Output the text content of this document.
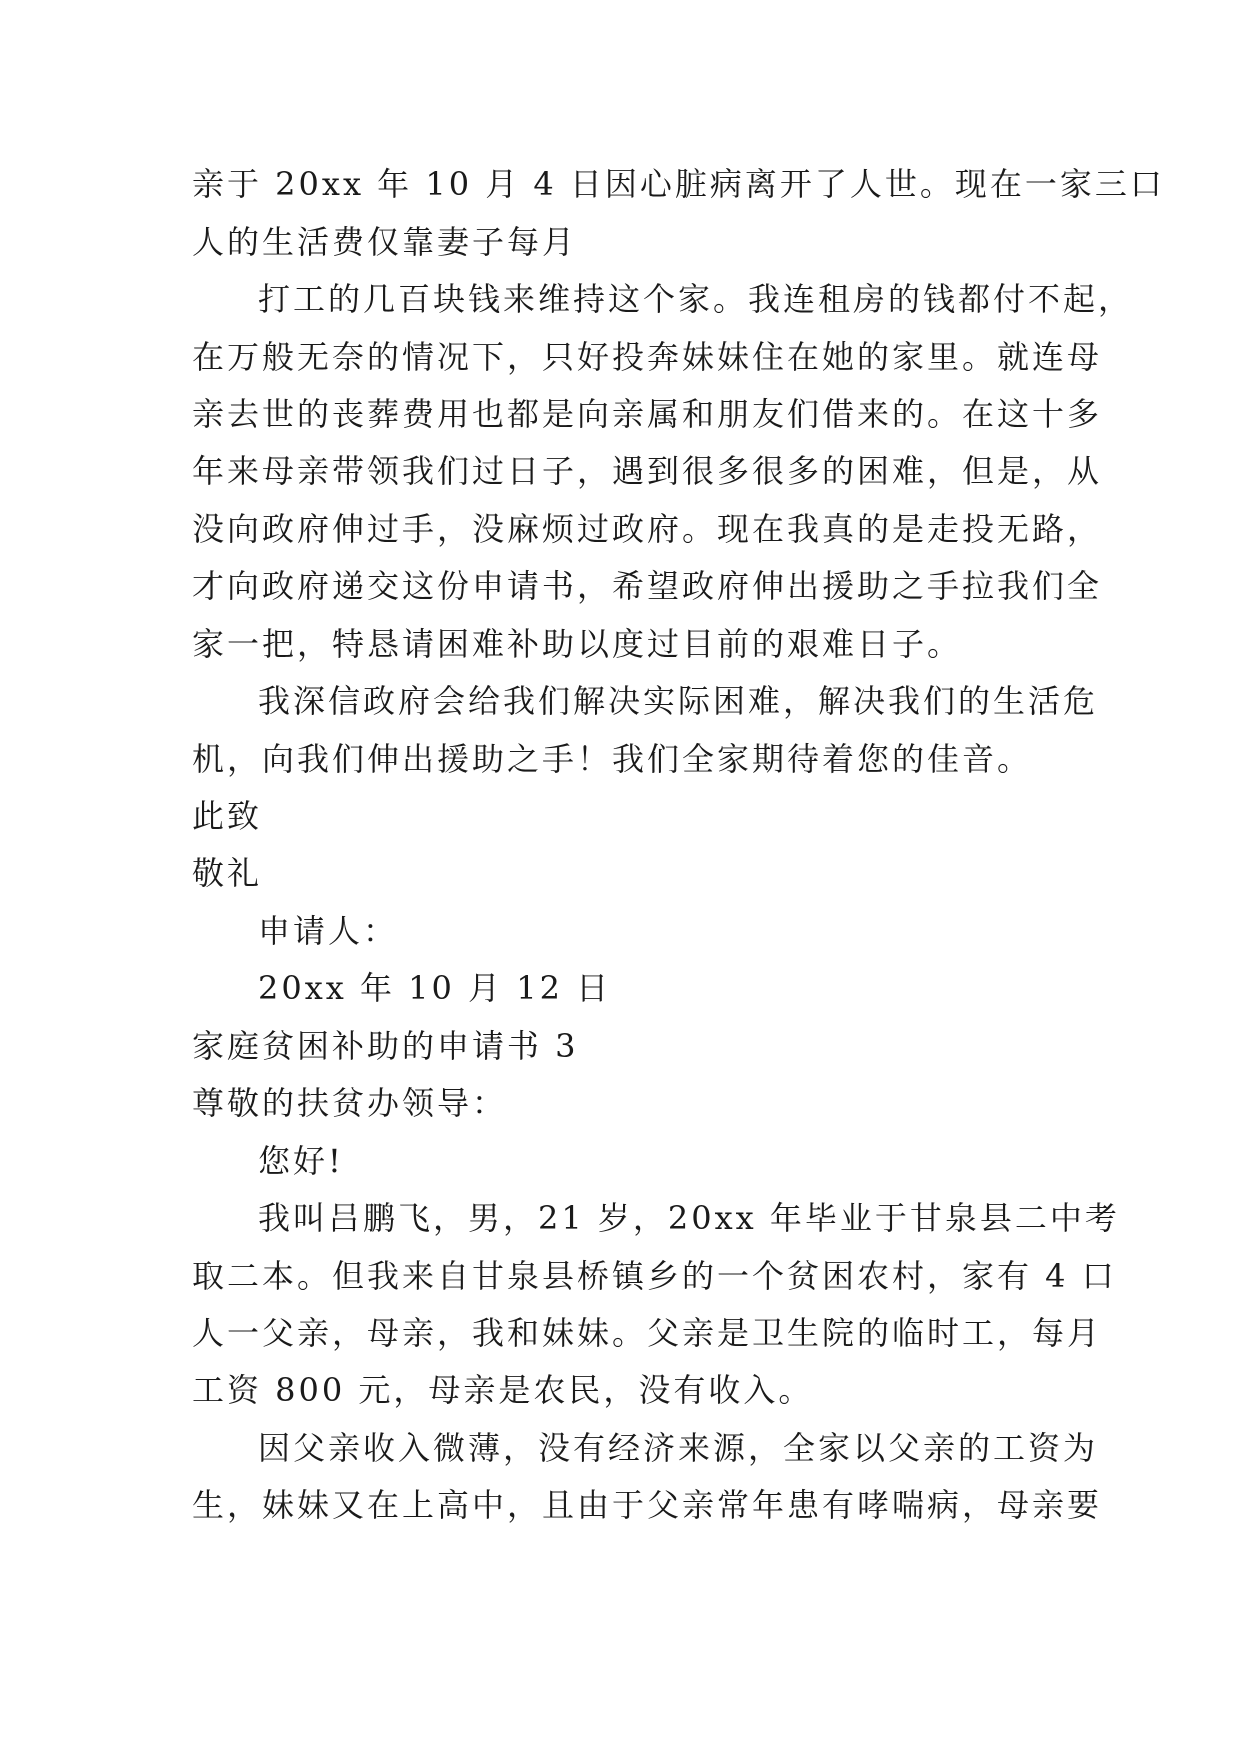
亲于 20xx 年 10 月 4 日因心脏病离开了人世。现在一家三口

人的生活费仅靠妻子每月

打工的几百块钱来维持这个家。我连租房的钱都付不起，

在万般无奈的情况下，只好投奔妹妹住在她的家里。就连母

亲去世的丧葬费用也都是向亲属和朋友们借来的。在这十多

年来母亲带领我们过日子，遇到很多很多的困难，但是，从

没向政府伸过手，没麻烦过政府。现在我真的是走投无路，

才向政府递交这份申请书，希望政府伸出援助之手拉我们全

家一把，特恳请困难补助以度过目前的艰难日子。

我深信政府会给我们解决实际困难，解决我们的生活危

机，向我们伸出援助之手！我们全家期待着您的佳音。

此致

敬礼

申请人：

20xx 年 10 月 12 日

家庭贫困补助的申请书 3

尊敬的扶贫办领导：

您好!

我叫吕鹏飞，男，21 岁，20xx 年毕业于甘泉县二中考

取二本。但我来自甘泉县桥镇乡的一个贫困农村，家有 4 口

人一父亲，母亲，我和妹妹。父亲是卫生院的临时工，每月

工资 800 元，母亲是农民，没有收入。

因父亲收入微薄，没有经济来源，全家以父亲的工资为

生，妹妹又在上高中，且由于父亲常年患有哮喘病，母亲要
